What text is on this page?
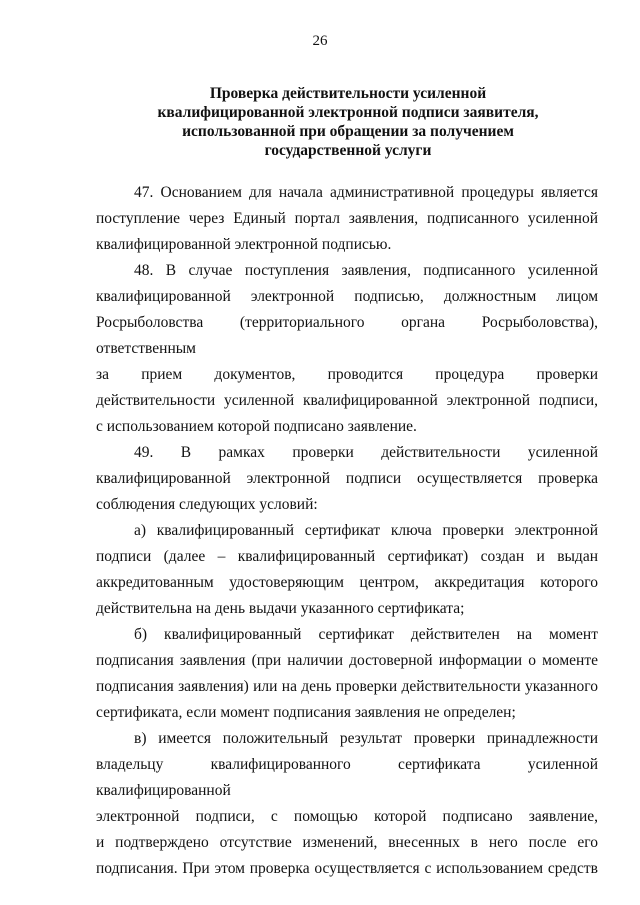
26
Проверка действительности усиленной
квалифицированной электронной подписи заявителя,
использованной при обращении за получением
государственной услуги
47. Основанием для начала административной процедуры является
поступление через Единый портал заявления, подписанного усиленной
квалифицированной электронной подписью.
48. В случае поступления заявления, подписанного усиленной
квалифицированной электронной подписью, должностным лицом
Росрыболовства (территориального органа Росрыболовства), ответственным
за прием документов, проводится процедура проверки
действительности усиленной квалифицированной электронной подписи,
с использованием которой подписано заявление.
49. В рамках проверки действительности усиленной
квалифицированной электронной подписи осуществляется проверка
соблюдения следующих условий:
а) квалифицированный сертификат ключа проверки электронной
подписи (далее – квалифицированный сертификат) создан и выдан
аккредитованным удостоверяющим центром, аккредитация которого
действительна на день выдачи указанного сертификата;
б) квалифицированный сертификат действителен на момент
подписания заявления (при наличии достоверной информации о моменте
подписания заявления) или на день проверки действительности указанного
сертификата, если момент подписания заявления не определен;
в) имеется положительный результат проверки принадлежности
владельцу квалифицированного сертификата усиленной квалифицированной
электронной подписи, с помощью которой подписано заявление,
и подтверждено отсутствие изменений, внесенных в него после его
подписания. При этом проверка осуществляется с использованием средств
